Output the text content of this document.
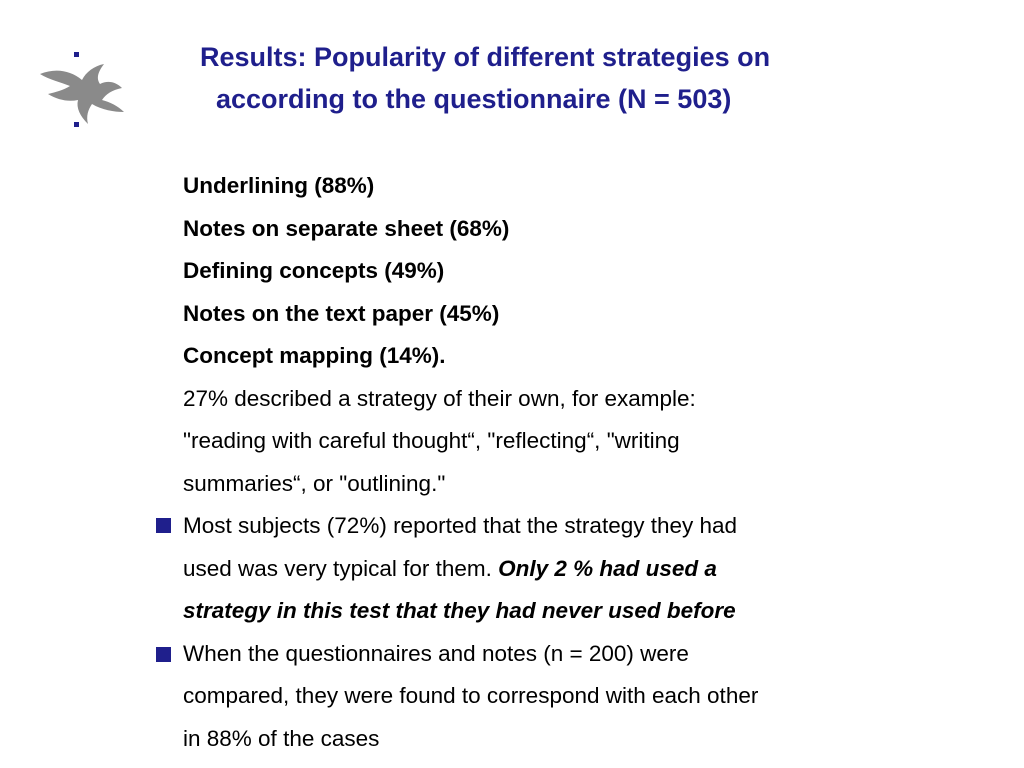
Results: Popularity of different strategies on
according to the questionnaire (N = 503)
Underlining (88%)
Notes on separate sheet (68%)
Defining concepts (49%)
Notes on the text paper (45%)
Concept mapping (14%).
27% described a strategy of their own, for example:
"reading with careful thought“, "reflecting“, "writing
summaries“, or "outlining."
Most subjects (72%) reported that the strategy they had
used was very typical for them. Only 2 % had used a
strategy in this test that they had never used before
When the questionnaires and notes (n = 200) were
compared, they were found to correspond with each other
in 88% of the cases
